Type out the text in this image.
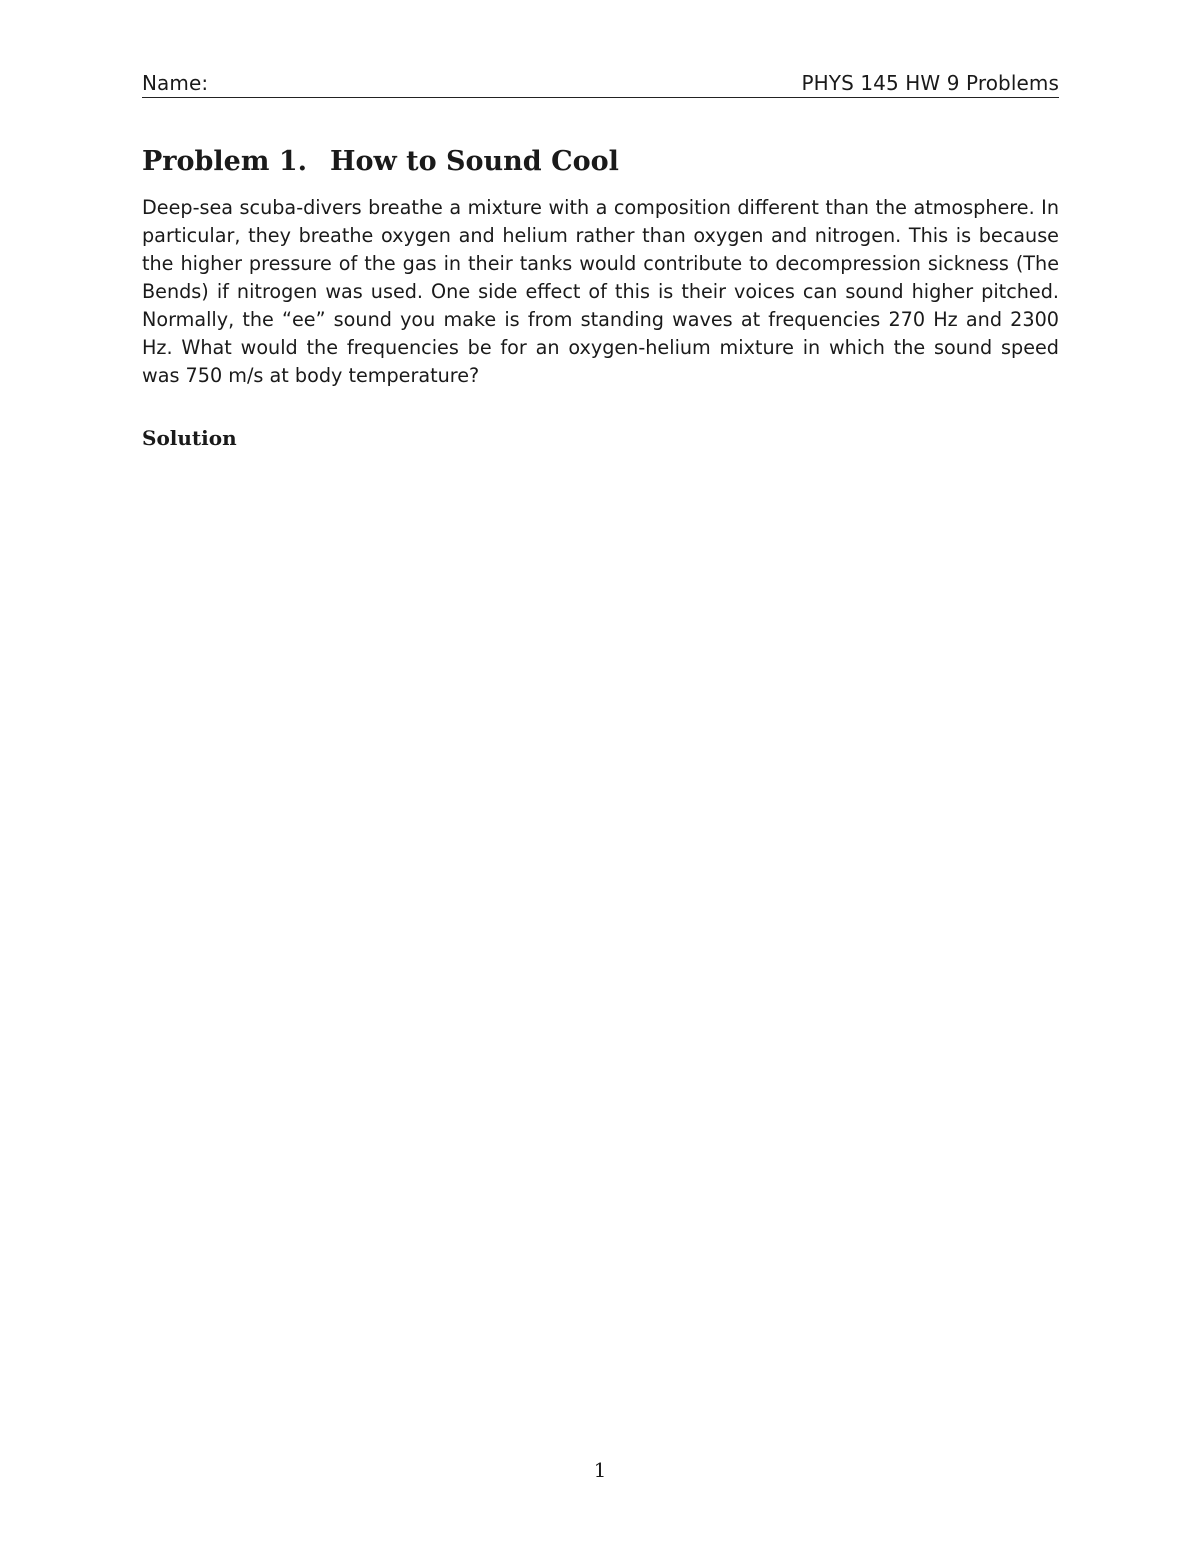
Name:	PHYS 145 HW 9 Problems
Problem 1. How to Sound Cool

Deep-sea scuba-divers breathe a mixture with a composition different than the atmosphere. In particular, they breathe oxygen and helium rather than oxygen and nitrogen. This is because the higher pressure of the gas in their tanks would contribute to decompression sickness (The Bends) if nitrogen was used. One side effect of this is their voices can sound higher pitched. Normally, the “ee” sound you make is from standing waves at frequencies 270 Hz and 2300 Hz. What would the frequencies be for an oxygen-helium mixture in which the sound speed was 750 m/s at body temperature?

Solution
1
